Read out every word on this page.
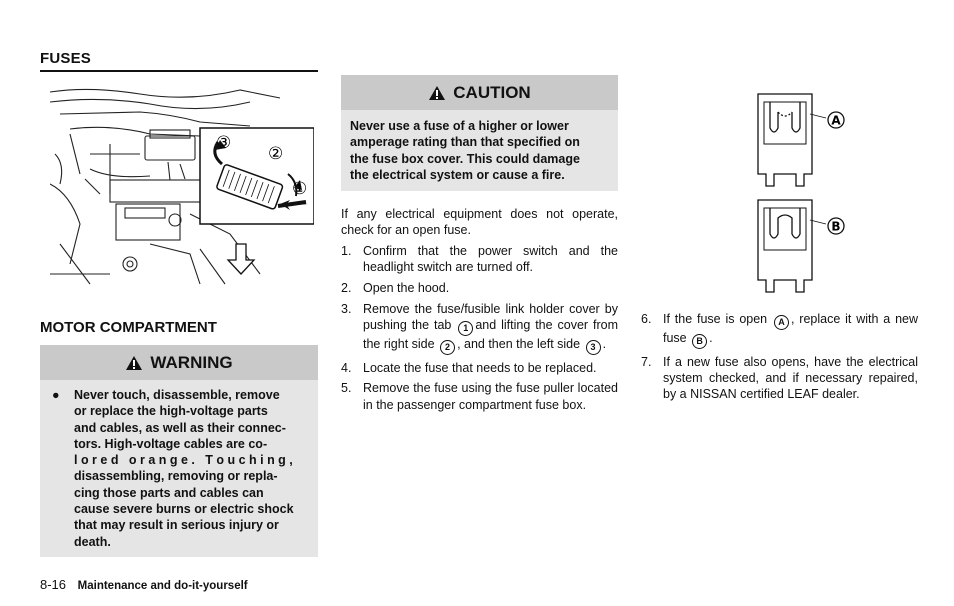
FUSES
③
②
①
MOTOR COMPARTMENT
WARNING
● Never touch, disassemble, remove
or replace the high-voltage parts
and cables, as well as their connec-
tors. High-voltage cables are co-
l o r e d   o r a n g e .   T o u c h i n g ,
disassembling, removing or repla-
cing those parts and cables can
cause severe burns or electric shock
that may result in serious injury or
death.
CAUTION
Never use a fuse of a higher or lower
amperage rating than that specified on
the fuse box cover. This could damage
the electrical system or cause a fire.
If any electrical equipment does not operate, check for an open fuse.
1. Confirm that the power switch and the headlight switch are turned off.
2. Open the hood.
3. Remove the fuse/fusible link holder cover by pushing the tab 1 and lifting the cover from the right side 2 , and then the left side 3 .
4. Locate the fuse that needs to be replaced.
5. Remove the fuse using the fuse puller located in the passenger compartment fuse box.
A
B
6. If the fuse is open A , replace it with a new fuse B .
7. If a new fuse also opens, have the electrical system checked, and if necessary repaired, by a NISSAN certified LEAF dealer.
8-16 Maintenance and do-it-yourself
